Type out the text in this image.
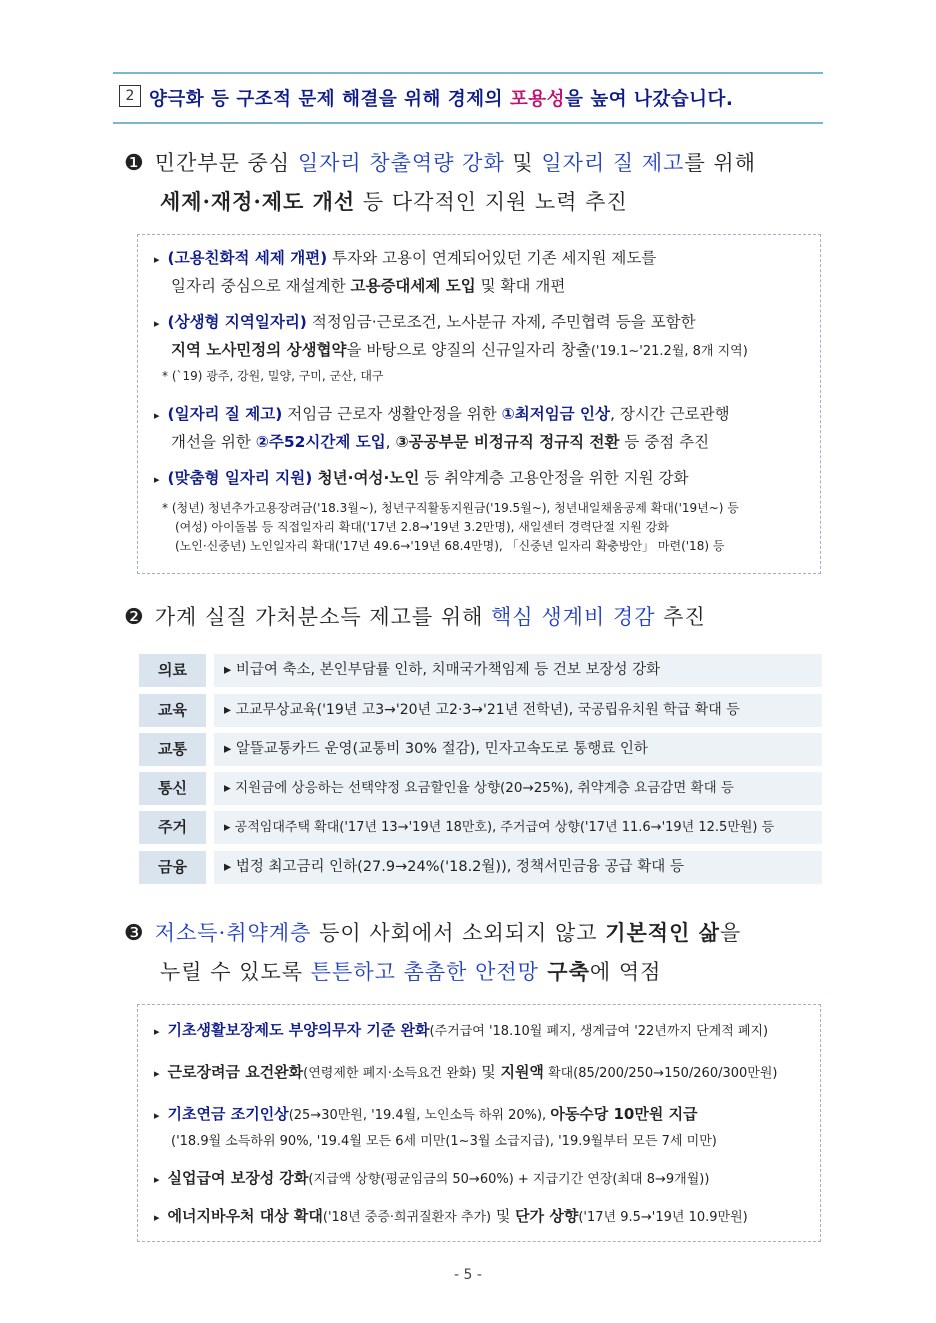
2 양극화 등 구조적 문제 해결을 위해 경제의 포용성을 높여 나갔습니다.
❶ 민간부문 중심 일자리 창출역량 강화 및 일자리 질 제고를 위해
세제·재정·제도 개선 등 다각적인 지원 노력 추진
▸ (고용친화적 세제 개편) 투자와 고용이 연계되어있던 기존 세지원 제도를
일자리 중심으로 재설계한 고용증대세제 도입 및 확대 개편
▸ (상생형 지역일자리) 적정임금·근로조건, 노사분규 자제, 주민협력 등을 포함한
지역 노사민정의 상생협약을 바탕으로 양질의 신규일자리 창출('19.1~'21.2월, 8개 지역)
* (`19) 광주, 강원, 밀양, 구미, 군산, 대구
▸ (일자리 질 제고) 저임금 근로자 생활안정을 위한 ①최저임금 인상, 장시간 근로관행
개선을 위한 ②주52시간제 도입, ③공공부문 비정규직 정규직 전환 등 중점 추진
▸ (맞춤형 일자리 지원) 청년·여성·노인 등 취약계층 고용안정을 위한 지원 강화
* (청년) 청년추가고용장려금('18.3월~), 청년구직활동지원금('19.5월~), 청년내일채움공제 확대('19년~) 등
(여성) 아이돌봄 등 직접일자리 확대('17년 2.8→'19년 3.2만명), 새일센터 경력단절 지원 강화
(노인·신중년) 노인일자리 확대('17년 49.6→'19년 68.4만명), 「신중년 일자리 확충방안」 마련('18) 등
❷ 가계 실질 가처분소득 제고를 위해 핵심 생계비 경감 추진
의료	▸ 비급여 축소, 본인부담률 인하, 치매국가책임제 등 건보 보장성 강화
교육	▸ 고교무상교육('19년 고3→'20년 고2·3→'21년 전학년), 국공립유치원 학급 확대 등
교통	▸ 알뜰교통카드 운영(교통비 30% 절감), 민자고속도로 통행료 인하
통신	▸ 지원금에 상응하는 선택약정 요금할인율 상향(20→25%), 취약계층 요금감면 확대 등
주거	▸ 공적임대주택 확대('17년 13→'19년 18만호), 주거급여 상향('17년 11.6→'19년 12.5만원) 등
금융	▸ 법정 최고금리 인하(27.9→24%('18.2월)), 정책서민금융 공급 확대 등
❸ 저소득·취약계층 등이 사회에서 소외되지 않고 기본적인 삶을
누릴 수 있도록 튼튼하고 촘촘한 안전망 구축에 역점
▸ 기초생활보장제도 부양의무자 기준 완화(주거급여 '18.10월 폐지, 생계급여 '22년까지 단계적 폐지)
▸ 근로장려금 요건완화(연령제한 폐지·소득요건 완화) 및 지원액 확대(85/200/250→150/260/300만원)
▸ 기초연금 조기인상(25→30만원, '19.4월, 노인소득 하위 20%), 아동수당 10만원 지급
('18.9월 소득하위 90%, '19.4월 모든 6세 미만(1~3월 소급지급), '19.9월부터 모든 7세 미만)
▸ 실업급여 보장성 강화(지급액 상향(평균임금의 50→60%) + 지급기간 연장(최대 8→9개월))
▸ 에너지바우처 대상 확대('18년 중증·희귀질환자 추가) 및 단가 상향('17년 9.5→'19년 10.9만원)
- 5 -
